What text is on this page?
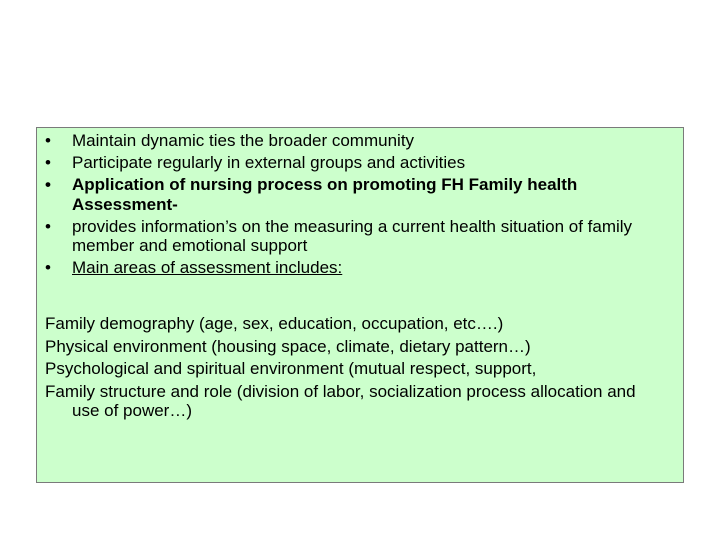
• Maintain dynamic ties the broader community
• Participate regularly in external groups and activities
• Application of nursing process on promoting FH Family health Assessment-
• provides information’s on the measuring a current health situation of family member and emotional support
• Main areas of assessment includes:

Family demography (age, sex, education, occupation, etc….)

Physical environment (housing space, climate, dietary pattern…)

Psychological and spiritual environment (mutual respect, support,

Family structure and role (division of labor, socialization process allocation and use of power…)
